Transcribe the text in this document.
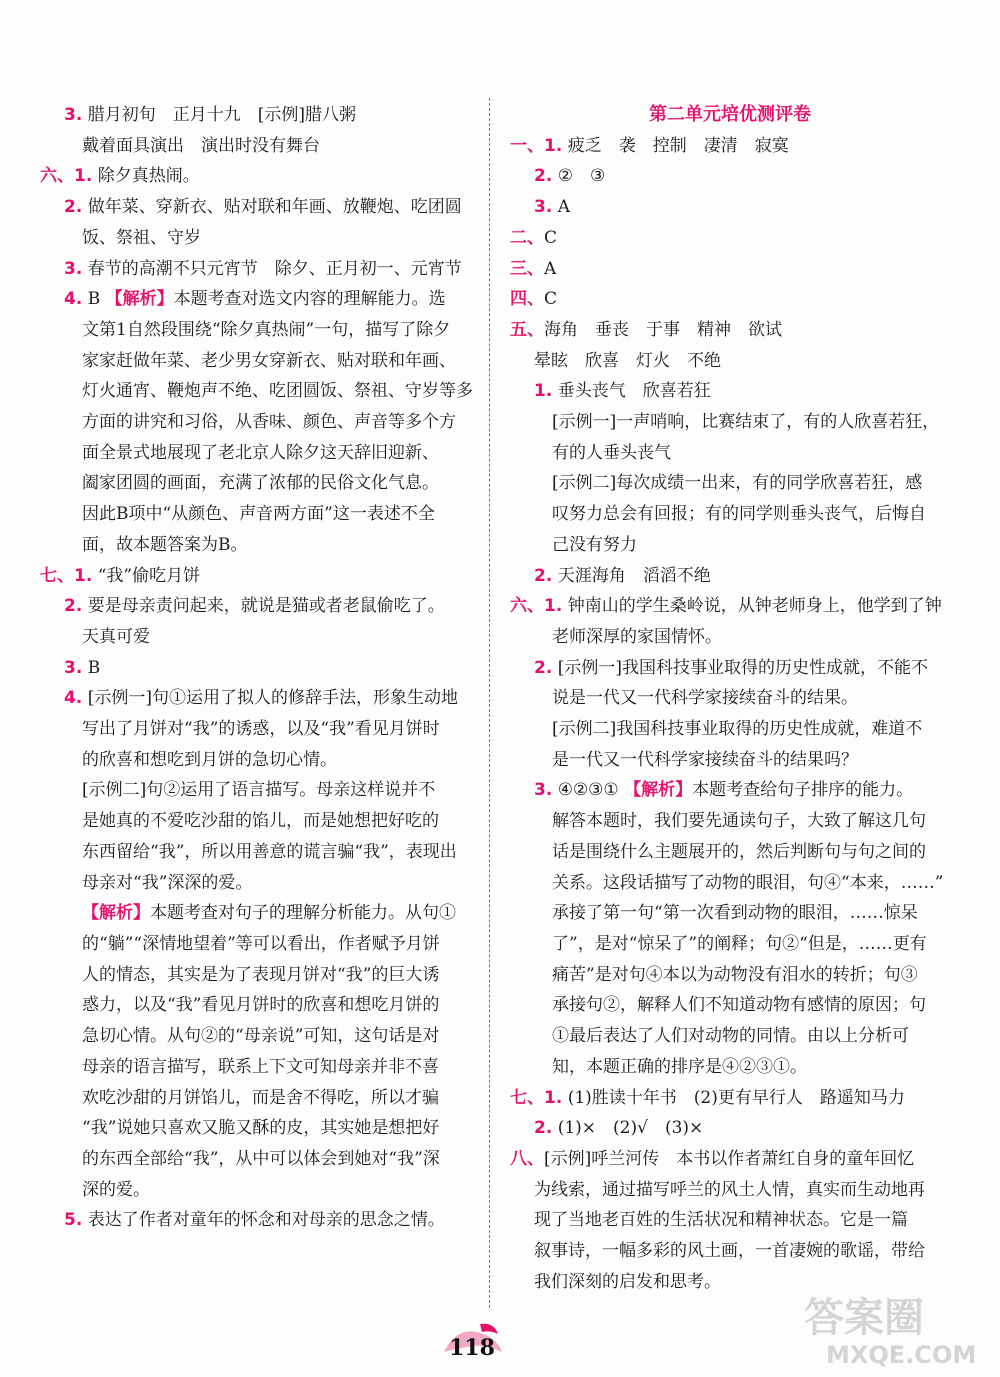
3. 腊月初旬　正月十九　[示例]腊八粥
戴着面具演出　演出时没有舞台
六、1. 除夕真热闹。
2. 做年菜、穿新衣、贴对联和年画、放鞭炮、吃团圆
饭、祭祖、守岁
3. 春节的高潮不只元宵节　除夕、正月初一、元宵节
4. B 【解析】本题考查对选文内容的理解能力。选
文第1自然段围绕“除夕真热闹”一句，描写了除夕
家家赶做年菜、老少男女穿新衣、贴对联和年画、
灯火通宵、鞭炮声不绝、吃团圆饭、祭祖、守岁等多
方面的讲究和习俗，从香味、颜色、声音等多个方
面全景式地展现了老北京人除夕这天辞旧迎新、
阖家团圆的画面，充满了浓郁的民俗文化气息。
因此B项中“从颜色、声音两方面”这一表述不全
面，故本题答案为B。
七、1. “我”偷吃月饼
2. 要是母亲责问起来，就说是猫或者老鼠偷吃了。
天真可爱
3. B
4. [示例一]句①运用了拟人的修辞手法，形象生动地
写出了月饼对“我”的诱惑，以及“我”看见月饼时
的欣喜和想吃到月饼的急切心情。
[示例二]句②运用了语言描写。母亲这样说并不
是她真的不爱吃沙甜的馅儿，而是她想把好吃的
东西留给“我”，所以用善意的谎言骗“我”，表现出
母亲对“我”深深的爱。
【解析】本题考查对句子的理解分析能力。从句①
的“躺”“深情地望着”等可以看出，作者赋予月饼
人的情态，其实是为了表现月饼对“我”的巨大诱
惑力，以及“我”看见月饼时的欣喜和想吃月饼的
急切心情。从句②的“母亲说”可知，这句话是对
母亲的语言描写，联系上下文可知母亲并非不喜
欢吃沙甜的月饼馅儿，而是舍不得吃，所以才骗
“我”说她只喜欢又脆又酥的皮，其实她是想把好
的东西全部给“我”，从中可以体会到她对“我”深
深的爱。
5. 表达了作者对童年的怀念和对母亲的思念之情。
第二单元培优测评卷
一、1. 疲乏　袭　控制　凄清　寂寞
2. ②　③
3. A
二、C
三、A
四、C
五、海角　垂丧　于事　精神　欲试
晕眩　欣喜　灯火　不绝
1. 垂头丧气　欣喜若狂
[示例一]一声哨响，比赛结束了，有的人欣喜若狂，
有的人垂头丧气
[示例二]每次成绩一出来，有的同学欣喜若狂，感
叹努力总会有回报；有的同学则垂头丧气，后悔自
己没有努力
2. 天涯海角　滔滔不绝
六、1. 钟南山的学生桑岭说，从钟老师身上，他学到了钟
老师深厚的家国情怀。
2. [示例一]我国科技事业取得的历史性成就，不能不
说是一代又一代科学家接续奋斗的结果。
[示例二]我国科技事业取得的历史性成就，难道不
是一代又一代科学家接续奋斗的结果吗？
3. ④②③① 【解析】本题考查给句子排序的能力。
解答本题时，我们要先通读句子，大致了解这几句
话是围绕什么主题展开的，然后判断句与句之间的
关系。这段话描写了动物的眼泪，句④“本来，……”
承接了第一句“第一次看到动物的眼泪，……惊呆
了”，是对“惊呆了”的阐释；句②“但是，……更有
痛苦”是对句④本以为动物没有泪水的转折；句③
承接句②，解释人们不知道动物有感情的原因；句
①最后表达了人们对动物的同情。由以上分析可
知，本题正确的排序是④②③①。
七、1. (1)胜读十年书　(2)更有早行人　路遥知马力
2. (1)×　(2)√　(3)×
八、[示例]呼兰河传　本书以作者萧红自身的童年回忆
为线索，通过描写呼兰的风土人情，真实而生动地再
现了当地老百姓的生活状况和精神状态。它是一篇
叙事诗，一幅多彩的风土画，一首凄婉的歌谣，带给
我们深刻的启发和思考。
118
答案圈
MXQE.COM
